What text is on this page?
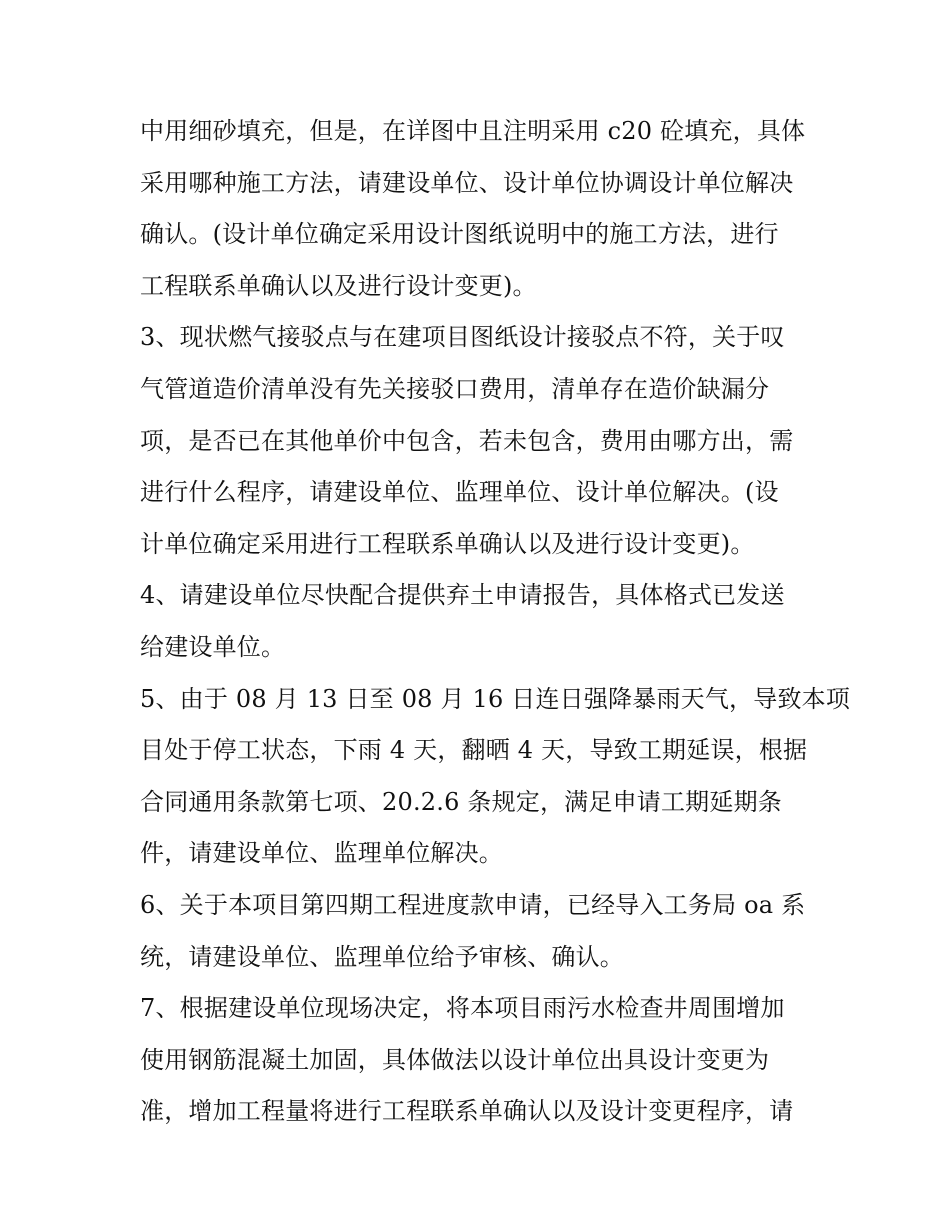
中用细砂填充，但是，在详图中且注明采用 c20 砼填充，具体
采用哪种施工方法，请建设单位、设计单位协调设计单位解决
确认。(设计单位确定采用设计图纸说明中的施工方法，进行
工程联系单确认以及进行设计变更)。
3、现状燃气接驳点与在建项目图纸设计接驳点不符，关于叹
气管道造价清单没有先关接驳口费用，清单存在造价缺漏分
项，是否已在其他单价中包含，若未包含，费用由哪方出，需
进行什么程序，请建设单位、监理单位、设计单位解决。(设
计单位确定采用进行工程联系单确认以及进行设计变更)。
4、请建设单位尽快配合提供弃土申请报告，具体格式已发送
给建设单位。
5、由于 08 月 13 日至 08 月 16 日连日强降暴雨天气，导致本项
目处于停工状态，下雨 4 天，翻晒 4 天，导致工期延误，根据
合同通用条款第七项、20.2.6 条规定，满足申请工期延期条
件，请建设单位、监理单位解决。
6、关于本项目第四期工程进度款申请，已经导入工务局 oa 系
统，请建设单位、监理单位给予审核、确认。
7、根据建设单位现场决定，将本项目雨污水检查井周围增加
使用钢筋混凝土加固，具体做法以设计单位出具设计变更为
准，增加工程量将进行工程联系单确认以及设计变更程序，请
